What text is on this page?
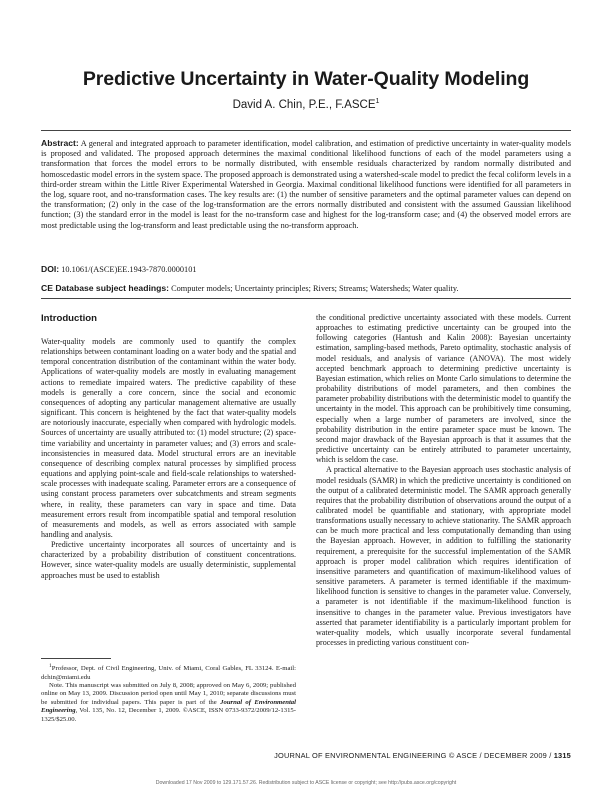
Predictive Uncertainty in Water-Quality Modeling
David A. Chin, P.E., F.ASCE$^1$
Abstract: A general and integrated approach to parameter identification, model calibration, and estimation of predictive uncertainty in water-quality models is proposed and validated. The proposed approach determines the maximal conditional likelihood functions of each of the model parameters using a transformation that forces the model errors to be normally distributed, with ensemble residuals characterized by random normally distributed and homoscedastic model errors in the system space. The proposed approach is demonstrated using a watershed-scale model to predict the fecal coliform levels in a third-order stream within the Little River Experimental Watershed in Georgia. Maximal conditional likelihood functions were identified for all parameters in the log, square root, and no-transformation cases. The key results are: (1) the number of sensitive parameters and the optimal parameter values can depend on the transformation; (2) only in the case of the log-transformation are the errors normally distributed and consistent with the assumed Gaussian likelihood function; (3) the standard error in the model is least for the no-transform case and highest for the log-transform case; and (4) the observed model errors are most predictable using the log-transform and least predictable using the no-transform approach.
DOI: 10.1061/(ASCE)EE.1943-7870.0000101
CE Database subject headings: Computer models; Uncertainty principles; Rivers; Streams; Watersheds; Water quality.
Introduction

Water-quality models are commonly used to quantify the complex relationships between contaminant loading on a water body and the spatial and temporal concentration distribution of the contaminant within the water body. Applications of water-quality models are mostly in evaluating management actions to remediate impaired waters. The predictive capability of these models is generally a core concern, since the social and economic consequences of adopting any particular management alternative are usually significant. This concern is heightened by the fact that water-quality models are notoriously inaccurate, especially when compared with hydrologic models. Sources of uncertainty are usually attributed to: (1) model structure; (2) space-time variability and uncertainty in parameter values; and (3) errors and scale-inconsistencies in measured data. Model structural errors are an inevitable consequence of describing complex natural processes by simplified process equations and applying point-scale and field-scale relationships to watershed-scale processes with inadequate scaling. Parameter errors are a consequence of using constant process parameters over subcatchments and stream segments where, in reality, these parameters can vary in space and time. Data measurement errors result from incompatible spatial and temporal resolution of measurements and models, as well as errors associated with sample handling and analysis.

Predictive uncertainty incorporates all sources of uncertainty and is characterized by a probability distribution of constituent concentrations. However, since water-quality models are usually deterministic, supplemental approaches must be used to establish

the conditional predictive uncertainty associated with these models. Current approaches to estimating predictive uncertainty can be grouped into the following categories (Hantush and Kalin 2008): Bayesian uncertainty estimation, sampling-based methods, Pareto optimality, stochastic analysis of model residuals, and analysis of variance (ANOVA). The most widely accepted benchmark approach to determining predictive uncertainty is Bayesian estimation, which relies on Monte Carlo simulations to determine the probability distributions of model parameters, and then combines the parameter probability distributions with the deterministic model to quantify the uncertainty in the model. This approach can be prohibitively time consuming, especially when a large number of parameters are involved, since the probability distribution in the entire parameter space must be known. The second major drawback of the Bayesian approach is that it assumes that the predictive uncertainty can be entirely attributed to parameter uncertainty, which is seldom the case.

A practical alternative to the Bayesian approach uses stochastic analysis of model residuals (SAMR) in which the predictive uncertainty is conditioned on the output of a calibrated deterministic model. The SAMR approach generally requires that the probability distribution of observations around the output of a calibrated model be quantifiable and stationary, with appropriate model transformations usually necessary to achieve stationarity. The SAMR approach can be much more practical and less computationally demanding than using the Bayesian approach. However, in addition to fulfilling the stationarity requirement, a prerequisite for the successful implementation of the SAMR approach is proper model calibration which requires identification of insensitive parameters and quantification of maximum-likelihood values of sensitive parameters. A parameter is termed identifiable if the maximum-likelihood function is sensitive to changes in the parameter value. Conversely, a parameter is not identifiable if the maximum-likelihood function is insensitive to changes in the parameter value. Previous investigators have asserted that parameter identifiability is a particularly important problem for water-quality models, which usually incorporate several fundamental processes in predicting various constituent con-

$^1$Professor, Dept. of Civil Engineering, Univ. of Miami, Coral Gables, FL 33124. E-mail: dchin@miami.edu

Note. This manuscript was submitted on July 8, 2008; approved on May 6, 2009; published online on May 13, 2009. Discussion period open until May 1, 2010; separate discussions must be submitted for individual papers. This paper is part of the Journal of Environmental Engineering, Vol. 135, No. 12, December 1, 2009. ©ASCE, ISSN 0733-9372/2009/12-1315-1325/$25.00.

JOURNAL OF ENVIRONMENTAL ENGINEERING © ASCE / DECEMBER 2009 / 1315
Downloaded 17 Nov 2009 to 129.171.57.26. Redistribution subject to ASCE license or copyright; see http://pubs.asce.org/copyright
